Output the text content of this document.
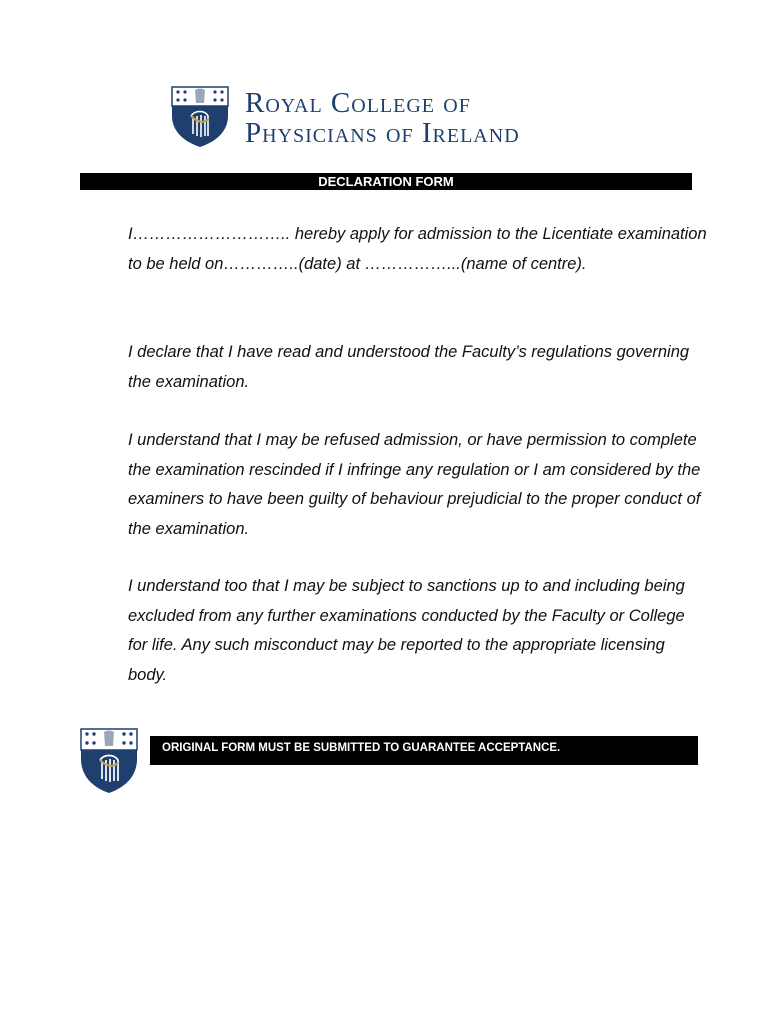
Royal College of
Physicians of Ireland
DECLARATION FORM

I……………………….. hereby apply for admission to the Licentiate examination to be held on…………..(date) at ……………...(name of centre).

I declare that I have read and understood the Faculty’s regulations governing the examination.

I understand that I may be refused admission, or have permission to complete the examination rescinded if I infringe any regulation or I am considered by the examiners to have been guilty of behaviour prejudicial to the proper conduct of the examination.

I understand too that I may be subject to sanctions up to and including being excluded from any further examinations conducted by the Faculty or College for life. Any such misconduct may be reported to the appropriate licensing body.

ORIGINAL FORM MUST BE SUBMITTED TO GUARANTEE ACCEPTANCE.
